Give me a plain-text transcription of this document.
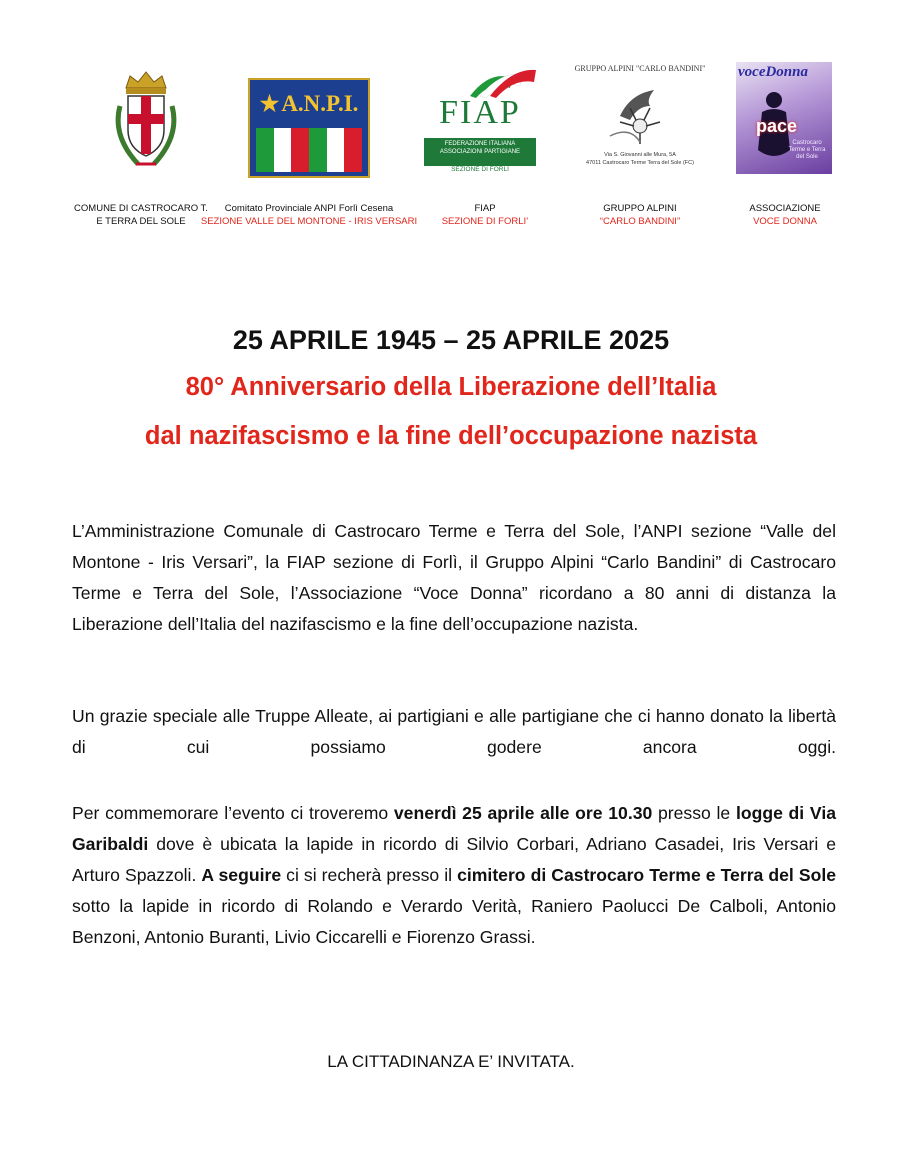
★ A.N.P.I.	FIAP
FEDERAZIONE ITALIANA
ASSOCIAZIONI PARTIGIANE
SEZIONE DI FORLÌ
GRUPPO ALPINI "CARLO BANDINI"
Via S. Giovanni alle Mura, 5A
47011 Castrocaro Terme Terra del Sole (FC)
voceDonna
pace
Castrocaro Terme e Terra del Sole
COMUNE DI CASTROCARO T.
E TERRA DEL SOLE
Comitato Provinciale ANPI Forlì Cesena
SEZIONE VALLE DEL MONTONE - IRIS VERSARI
FIAP
SEZIONE DI FORLI’
GRUPPO ALPINI
“CARLO BANDINI”
ASSOCIAZIONE
VOCE DONNA
25 APRILE 1945 – 25 APRILE 2025
80° Anniversario della Liberazione dell’Italia
dal nazifascismo e la fine dell’occupazione nazista
L’Amministrazione Comunale di Castrocaro Terme e Terra del Sole, l’ANPI sezione “Valle del Montone - Iris Versari”, la FIAP sezione di Forlì, il Gruppo Alpini “Carlo Bandini” di Castrocaro Terme e Terra del Sole, l’Associazione “Voce Donna” ricordano a 80 anni di distanza la Liberazione dell’Italia del nazifascismo e la fine dell’occupazione nazista.
Un grazie speciale alle Truppe Alleate, ai partigiani e alle partigiane che ci hanno donato la libertà di cui possiamo godere ancora oggi.
Per commemorare l’evento ci troveremo venerdì 25 aprile alle ore 10.30 presso le logge di Via Garibaldi dove è ubicata la lapide in ricordo di Silvio Corbari, Adriano Casadei, Iris Versari e Arturo Spazzoli. A seguire ci si recherà presso il cimitero di Castrocaro Terme e Terra del Sole sotto la lapide in ricordo di Rolando e Verardo Verità, Raniero Paolucci De Calboli, Antonio Benzoni, Antonio Buranti, Livio Ciccarelli e Fiorenzo Grassi.
LA CITTADINANZA E’ INVITATA.
